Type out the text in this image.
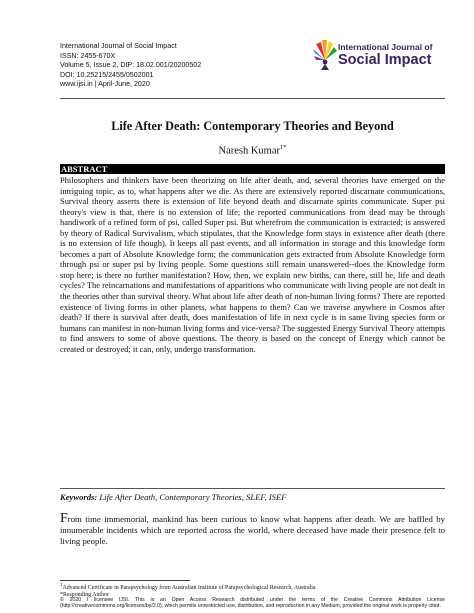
International Journal of Social Impact
ISSN: 2455-670X
Volume 5, Issue 2, DIP: 18.02.001/20200502
DOI: 10.25215/2455/0502001
www.ijsi.in | April-June, 2020
International Journal of
Social Impact
Life After Death: Contemporary Theories and Beyond
Naresh Kumar$^{1*}$
ABSTRACT
Philosophers and thinkers have been theorizing on life after death, and, several theories have emerged on the intriguing topic, as to, what happens after we die. As there are extensively reported discarnate communications, Survival theory asserts there is extension of life beyond death and discarnate spirits communicate. Super psi theory's view is that, there is no extension of life; the reported communications from dead may be through handiwork of a refined form of psi, called Super psi. But wherefrom the communication is extracted; is answered by theory of Radical Survivalism, which stipulates, that the Knowledge form stays in existence after death (there is no extension of life though). It keeps all past events, and all information in storage and this knowledge form becomes a part of Absolute Knowledge form; the communication gets extracted from Absolute Knowledge form through psi or super psi by living people. Some questions still remain unanswered--does the Knowledge form stop here; is there no further manifestation? How, then, we explain new births, can there, still be, life and death cycles? The reincarnations and manifestations of apparitions who communicate with living people are not dealt in the theories other than survival theory. What about life after death of non-human living forms? There are reported existence of living forms in other planets, what happens to them? Can we traverse anywhere in Cosmos after death? If there is survival after death, does manifestation of life in next cycle is in same living species form or humans can manifest in non-human living forms and vice-versa? The suggested Energy Survival Theory attempts to find answers to some of above questions. The theory is based on the concept of Energy which cannot be created or destroyed; it can, only, undergo transformation.
Keywords: Life After Death, Contemporary Theories, SLEF, ISEF
From time immemorial, mankind has been curious to know what happens after death. We are baffled by innumerable incidents which are reported across the world, where deceased have made their presence felt to living people.
$^1$Advanced Certificate in Parapsychology from Australian Institute of Parapsychological Research, Australia
*Responding Author
© 2020 I licensee IJSI. This is an Open Access Research distributed under the terms of the Creative Commons Attribution License (http://creativecommons.org/licenses/by/2.0), which permits unrestricted use, distribution, and reproduction in any Medium, provided the original work is properly cited.
